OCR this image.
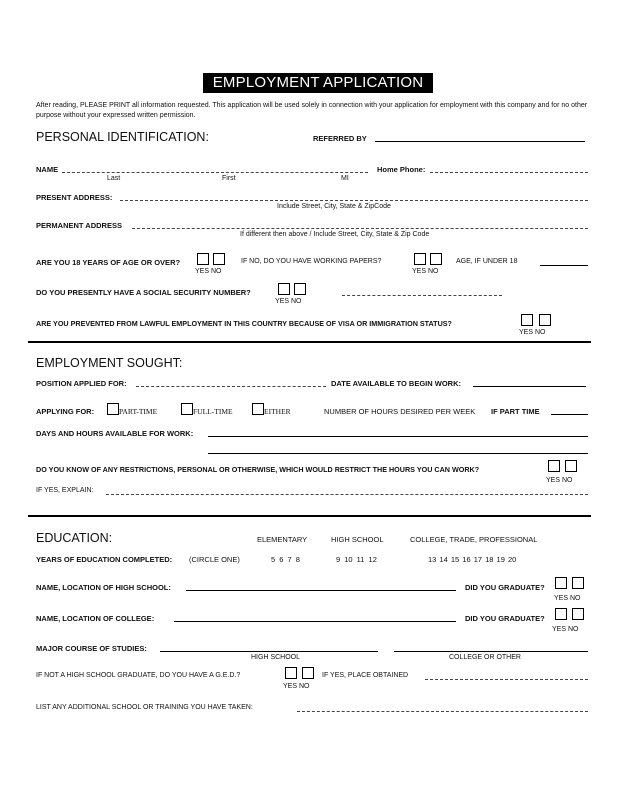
EMPLOYMENT APPLICATION
After reading, PLEASE PRINT all information requested. This application will be used solely in connection with your application for employment with this company and for no other purpose without your expressed written permission.
PERSONAL IDENTIFICATION:	REFERRED BY
NAME
Last	First	MI
Home Phone:
PRESENT ADDRESS:
Include Street, City, State & ZipCode
PERMANENT ADDRESS
If different then above / Include Street, City, State & Zip Code
ARE YOU 18 YEARS OF AGE OR OVER?
YES NO
IF NO, DO YOU HAVE WORKING PAPERS?
YES NO
AGE, IF UNDER 18
DO YOU PRESENTLY HAVE A SOCIAL SECURITY NUMBER?
YES NO
ARE YOU PREVENTED FROM LAWFUL EMPLOYMENT IN THIS COUNTRY BECAUSE OF VISA OR IMMIGRATION STATUS?
YES NO
EMPLOYMENT SOUGHT:
POSITION APPLIED FOR:	DATE AVAILABLE TO BEGIN WORK:
APPLYING FOR:	PART-TIME	FULL-TIME	EITHER	NUMBER OF HOURS DESIRED PER WEEK IF PART TIME
DAYS AND HOURS AVAILABLE FOR WORK:
DO YOU KNOW OF ANY RESTRICTIONS, PERSONAL OR OTHERWISE, WHICH WOULD RESTRICT THE HOURS YOU CAN WORK?
YES NO
IF YES, EXPLAIN:
EDUCATION:	ELEMENTARY	HIGH SCHOOL	COLLEGE, TRADE, PROFESSIONAL
YEARS OF EDUCATION COMPLETED: (CIRCLE ONE)	5 6 7 8	9 10 11 12	13 14 15 16 17 18 19 20
NAME, LOCATION OF HIGH SCHOOL:	DID YOU GRADUATE?
YES NO
NAME, LOCATION OF COLLEGE:	DID YOU GRADUATE?
YES NO
MAJOR COURSE OF STUDIES:
HIGH SCHOOL	COLLEGE OR OTHER
IF NOT A HIGH SCHOOL GRADUATE, DO YOU HAVE A G.E.D.?
YES NO
IF YES, PLACE OBTAINED
LIST ANY ADDITIONAL SCHOOL OR TRAINING YOU HAVE TAKEN:
